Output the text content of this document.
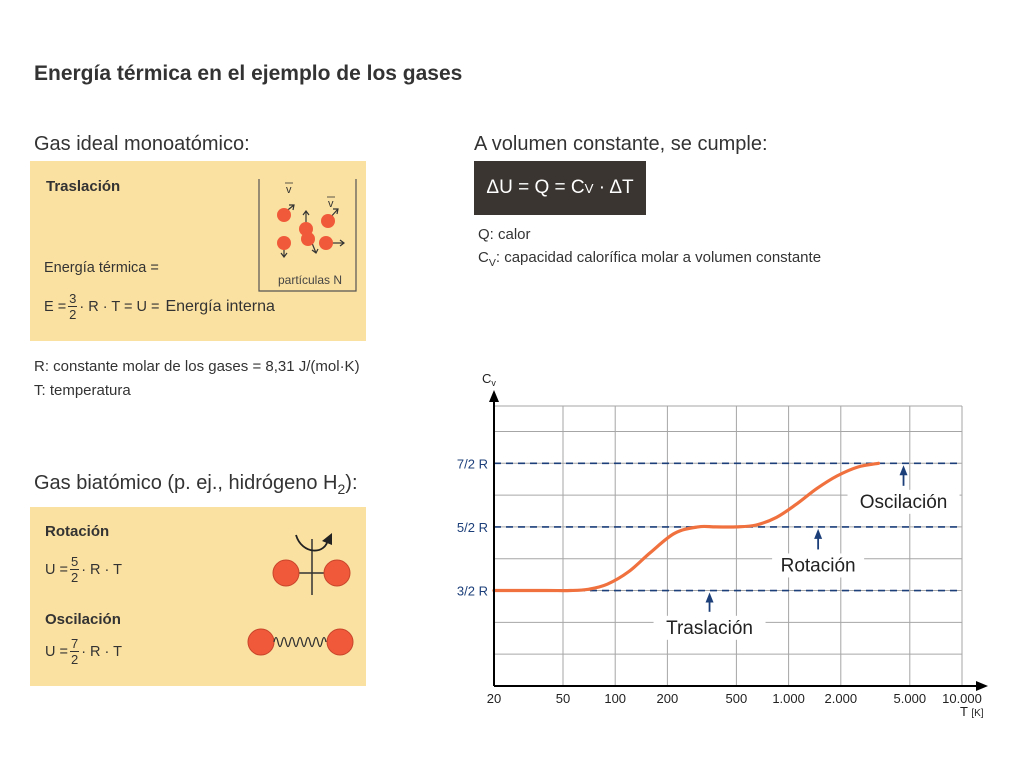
Energía térmica en el ejemplo de los gases
Gas ideal monoatómico:
Traslación
Energía térmica =
$E = \frac{3}{2} \cdot R \cdot T = U$ = Energía interna
v
v
partículas N
R: constante molar de los gases = 8,31 J/(mol·K)
T: temperatura
A volumen constante, se cumple:
ΔU = Q = C V
· ΔT
Q: calor
$C_V$: capacidad calorífica molar a volumen constante
Gas biatómico (p. ej., hidrógeno $H_2$):
Rotación
$U = \frac{5}{2} \cdot R \cdot T$
Oscilación
$U = \frac{7}{2} \cdot R \cdot T$
20	50	100 200	500 1.000 2.000	5.000 10.000
3/2 R
5/2 R
7/2 R
$C_v$
T [K]
Traslación
Rotación
Oscilación
